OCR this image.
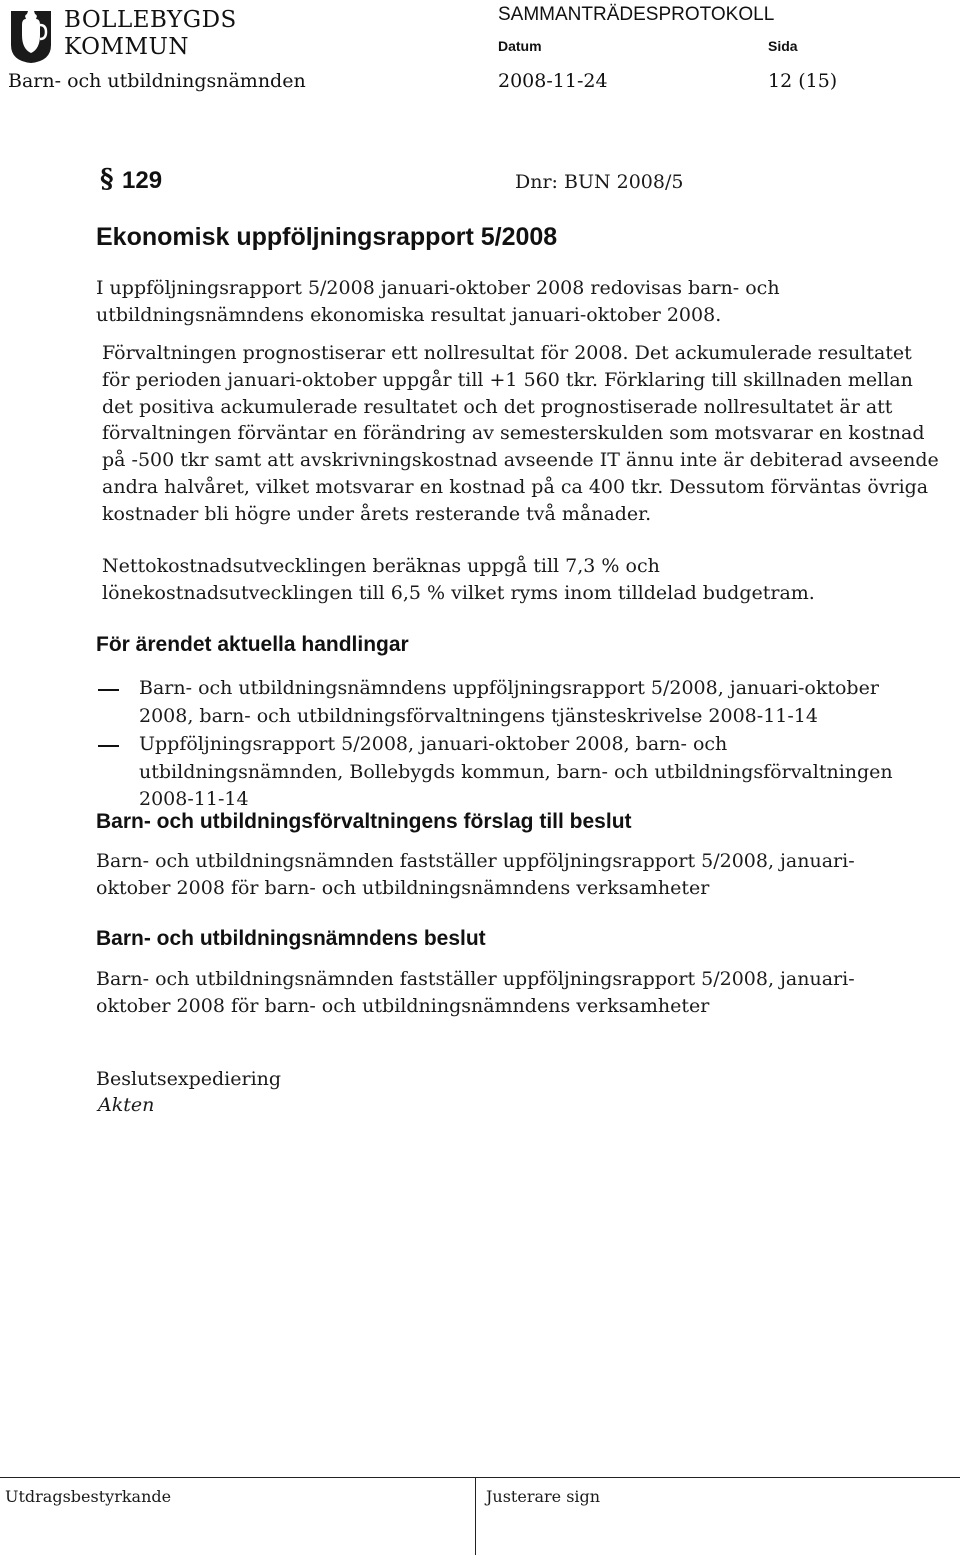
BOLLEBYGDS
KOMMUN
SAMMANTRÄDESPROTOKOLL
Datum	Sida
Barn- och utbildningsnämnden	2008-11-24	12 (15)
§ 129	Dnr: BUN 2008/5
Ekonomisk uppföljningsrapport 5/2008

I uppföljningsrapport 5/2008 januari-oktober 2008 redovisas barn- och utbildningsnämndens ekonomiska resultat januari-oktober 2008.

Förvaltningen prognostiserar ett nollresultat för 2008. Det ackumulerade resultatet för perioden januari-oktober uppgår till +1 560 tkr. Förklaring till skillnaden mellan det positiva ackumulerade resultatet och det prognostiserade nollresultatet är att förvaltningen förväntar en förändring av semesterskulden som motsvarar en kostnad på -500 tkr samt att avskrivningskostnad avseende IT ännu inte är debiterad avseende andra halvåret, vilket motsvarar en kostnad på ca 400 tkr. Dessutom förväntas övriga kostnader bli högre under årets resterande två månader.

Nettokostnadsutvecklingen beräknas uppgå till 7,3 % och lönekostnadsutvecklingen till 6,5 % vilket ryms inom tilldelad budgetram.

För ärendet aktuella handlingar
Barn- och utbildningsnämndens uppföljningsrapport 5/2008, januari-oktober 2008, barn- och utbildningsförvaltningens tjänsteskrivelse 2008-11-14
Uppföljningsrapport 5/2008, januari-oktober 2008, barn- och utbildningsnämnden, Bollebygds kommun, barn- och utbildningsförvaltningen 2008-11-14
Barn- och utbildningsförvaltningens förslag till beslut

Barn- och utbildningsnämnden fastställer uppföljningsrapport 5/2008, januari-oktober 2008 för barn- och utbildningsnämndens verksamheter

Barn- och utbildningsnämndens beslut

Barn- och utbildningsnämnden fastställer uppföljningsrapport 5/2008, januari-oktober 2008 för barn- och utbildningsnämndens verksamheter

Beslutsexpediering
Akten
Utdragsbestyrkande	Justerare sign
